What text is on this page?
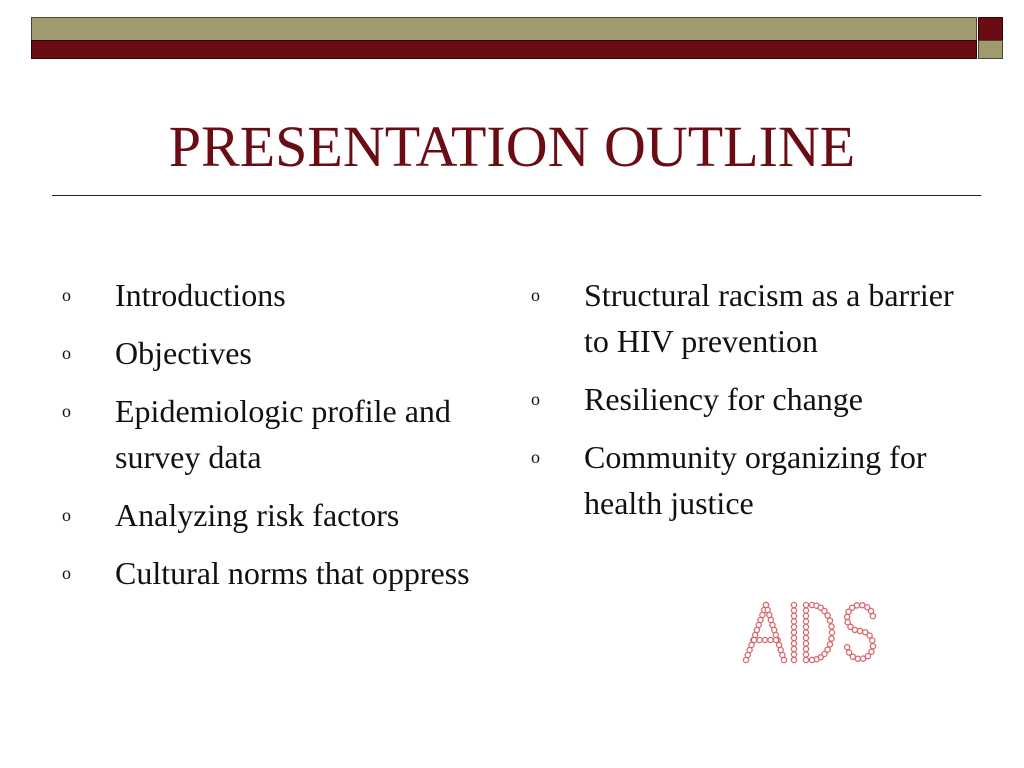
PRESENTATION OUTLINE
o Introductions
o Objectives
o Epidemiologic profile and survey data
o Analyzing risk factors
o Cultural norms that oppress
o Structural racism as a barrier to HIV prevention
o Resiliency for change
o Community organizing for health justice
